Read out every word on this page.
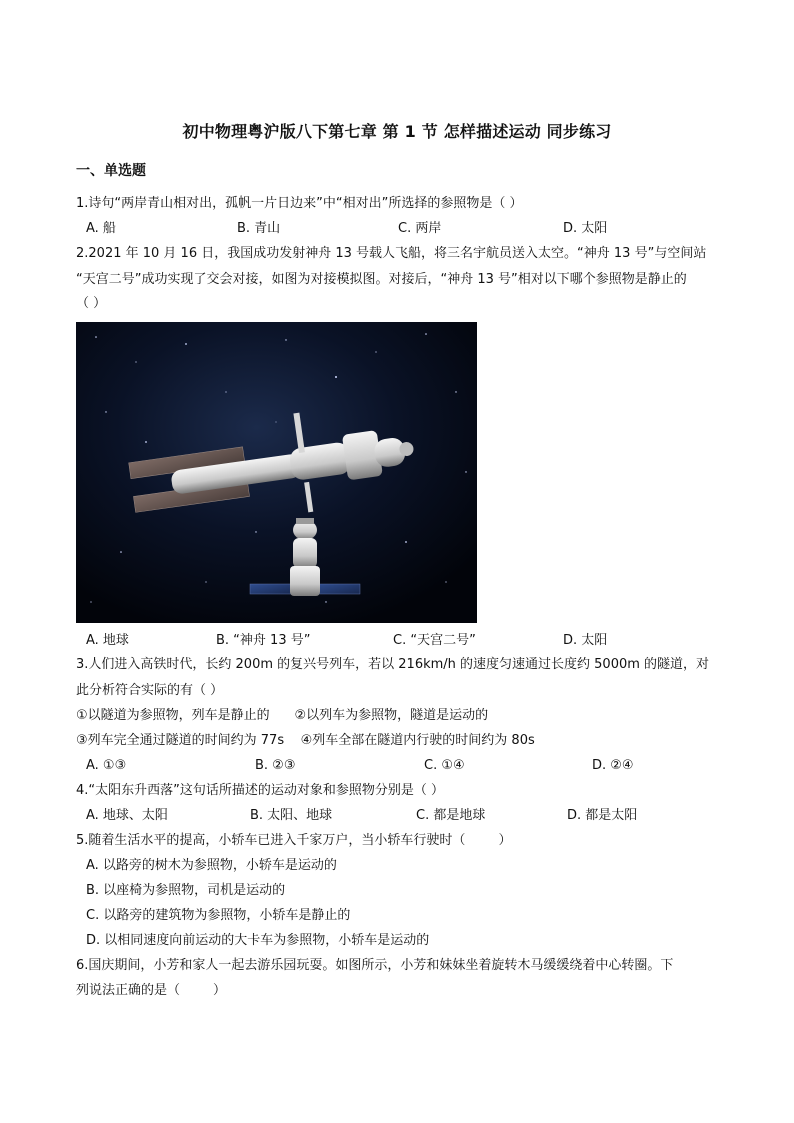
初中物理粤沪版八下第七章 第 1 节 怎样描述运动 同步练习
一、单选题
1.诗句“两岸青山相对出，孤帆一片日边来”中“相对出”所选择的参照物是（ ）
A. 船	B. 青山	C. 两岸	D. 太阳
2.2021 年 10 月 16 日，我国成功发射神舟 13 号载人飞船，将三名宇航员送入太空。“神舟 13 号”与空间站
“天宫二号”成功实现了交会对接，如图为对接模拟图。对接后，“神舟 13 号”相对以下哪个参照物是静止的
（ ）
A. 地球	B. “神舟 13 号”	C. “天宫二号”	D. 太阳
3.人们进入高铁时代，长约 200m 的复兴号列车，若以 216km/h 的速度匀速通过长度约 5000m 的隧道，对
此分析符合实际的有（ ）
①以隧道为参照物，列车是静止的      ②以列车为参照物，隧道是运动的
③列车完全通过隧道的时间约为 77s    ④列车全部在隧道内行驶的时间约为 80s
A. ①③	B. ②③	C. ①④	D. ②④
4.“太阳东升西落”这句话所描述的运动对象和参照物分别是（ ）
A. 地球、太阳	B. 太阳、地球	C. 都是地球	D. 都是太阳
5.随着生活水平的提高，小轿车已进入千家万户，当小轿车行驶时（        ）
A. 以路旁的树木为参照物，小轿车是运动的
B. 以座椅为参照物，司机是运动的
C. 以路旁的建筑物为参照物，小轿车是静止的
D. 以相同速度向前运动的大卡车为参照物，小轿车是运动的
6.国庆期间，小芳和家人一起去游乐园玩耍。如图所示，小芳和妹妹坐着旋转木马缓缓绕着中心转圈。下
列说法正确的是（        ）
